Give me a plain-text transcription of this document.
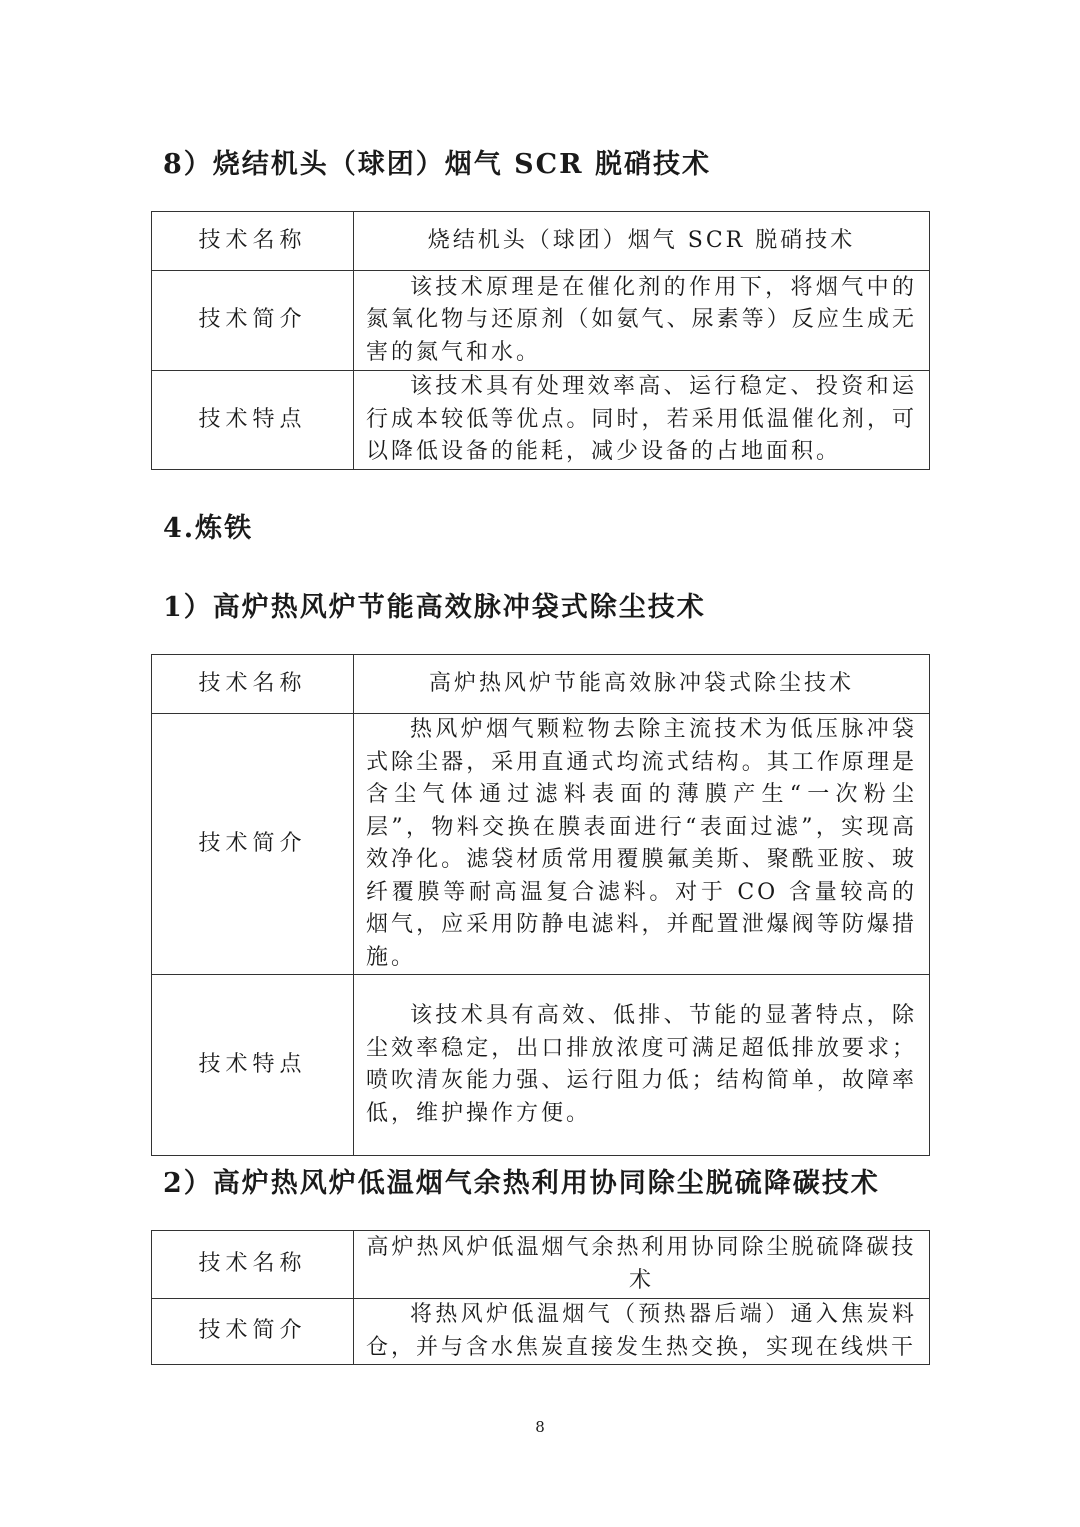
8）烧结机头（球团）烟气 SCR 脱硝技术
技术名称	烧结机头（球团）烟气 SCR 脱硝技术
技术简介	该技术原理是在催化剂的作用下，将烟气中的氮氧化物与还原剂（如氨气、尿素等）反应生成无害的氮气和水。

技术特点	该技术具有处理效率高、运行稳定、投资和运行成本较低等优点。同时，若采用低温催化剂，可以降低设备的能耗，减少设备的占地面积。

4.炼铁
1）高炉热风炉节能高效脉冲袋式除尘技术
技术名称	高炉热风炉节能高效脉冲袋式除尘技术
技术简介	热风炉烟气颗粒物去除主流技术为低压脉冲袋式除尘器，采用直通式均流式结构。其工作原理是含尘气体通过滤料表面的薄膜产生“一次粉尘层”，物料交换在膜表面进行“表面过滤”，实现高效净化。滤袋材质常用覆膜氟美斯、聚酰亚胺、玻纤覆膜等耐高温复合滤料。对于 CO 含量较高的烟气，应采用防静电滤料，并配置泄爆阀等防爆措施。

技术特点	该技术具有高效、低排、节能的显著特点，除尘效率稳定，出口排放浓度可满足超低排放要求；喷吹清灰能力强、运行阻力低；结构简单，故障率低，维护操作方便。

2）高炉热风炉低温烟气余热利用协同除尘脱硫降碳技术
技术名称	高炉热风炉低温烟气余热利用协同除尘脱硫降碳技术
技术简介	将热风炉低温烟气（预热器后端）通入焦炭料仓，并与含水焦炭直接发生热交换，实现在线烘干

8
